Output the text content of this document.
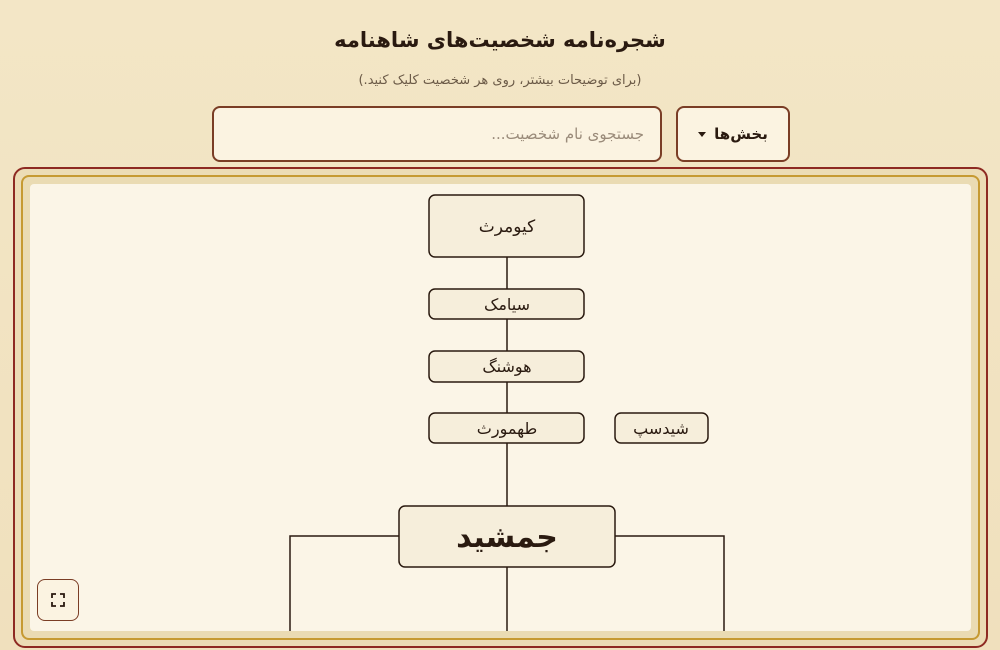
شجره‌نامه شخصیت‌های شاهنامه
(برای توضیحات بیشتر، روی هر شخصیت کلیک کنید.)
جستجوی نام شخصیت...
بخش‌ها
کیومرث
سیامک
هوشنگ
طهمورث	شیدسپ
جمشید
